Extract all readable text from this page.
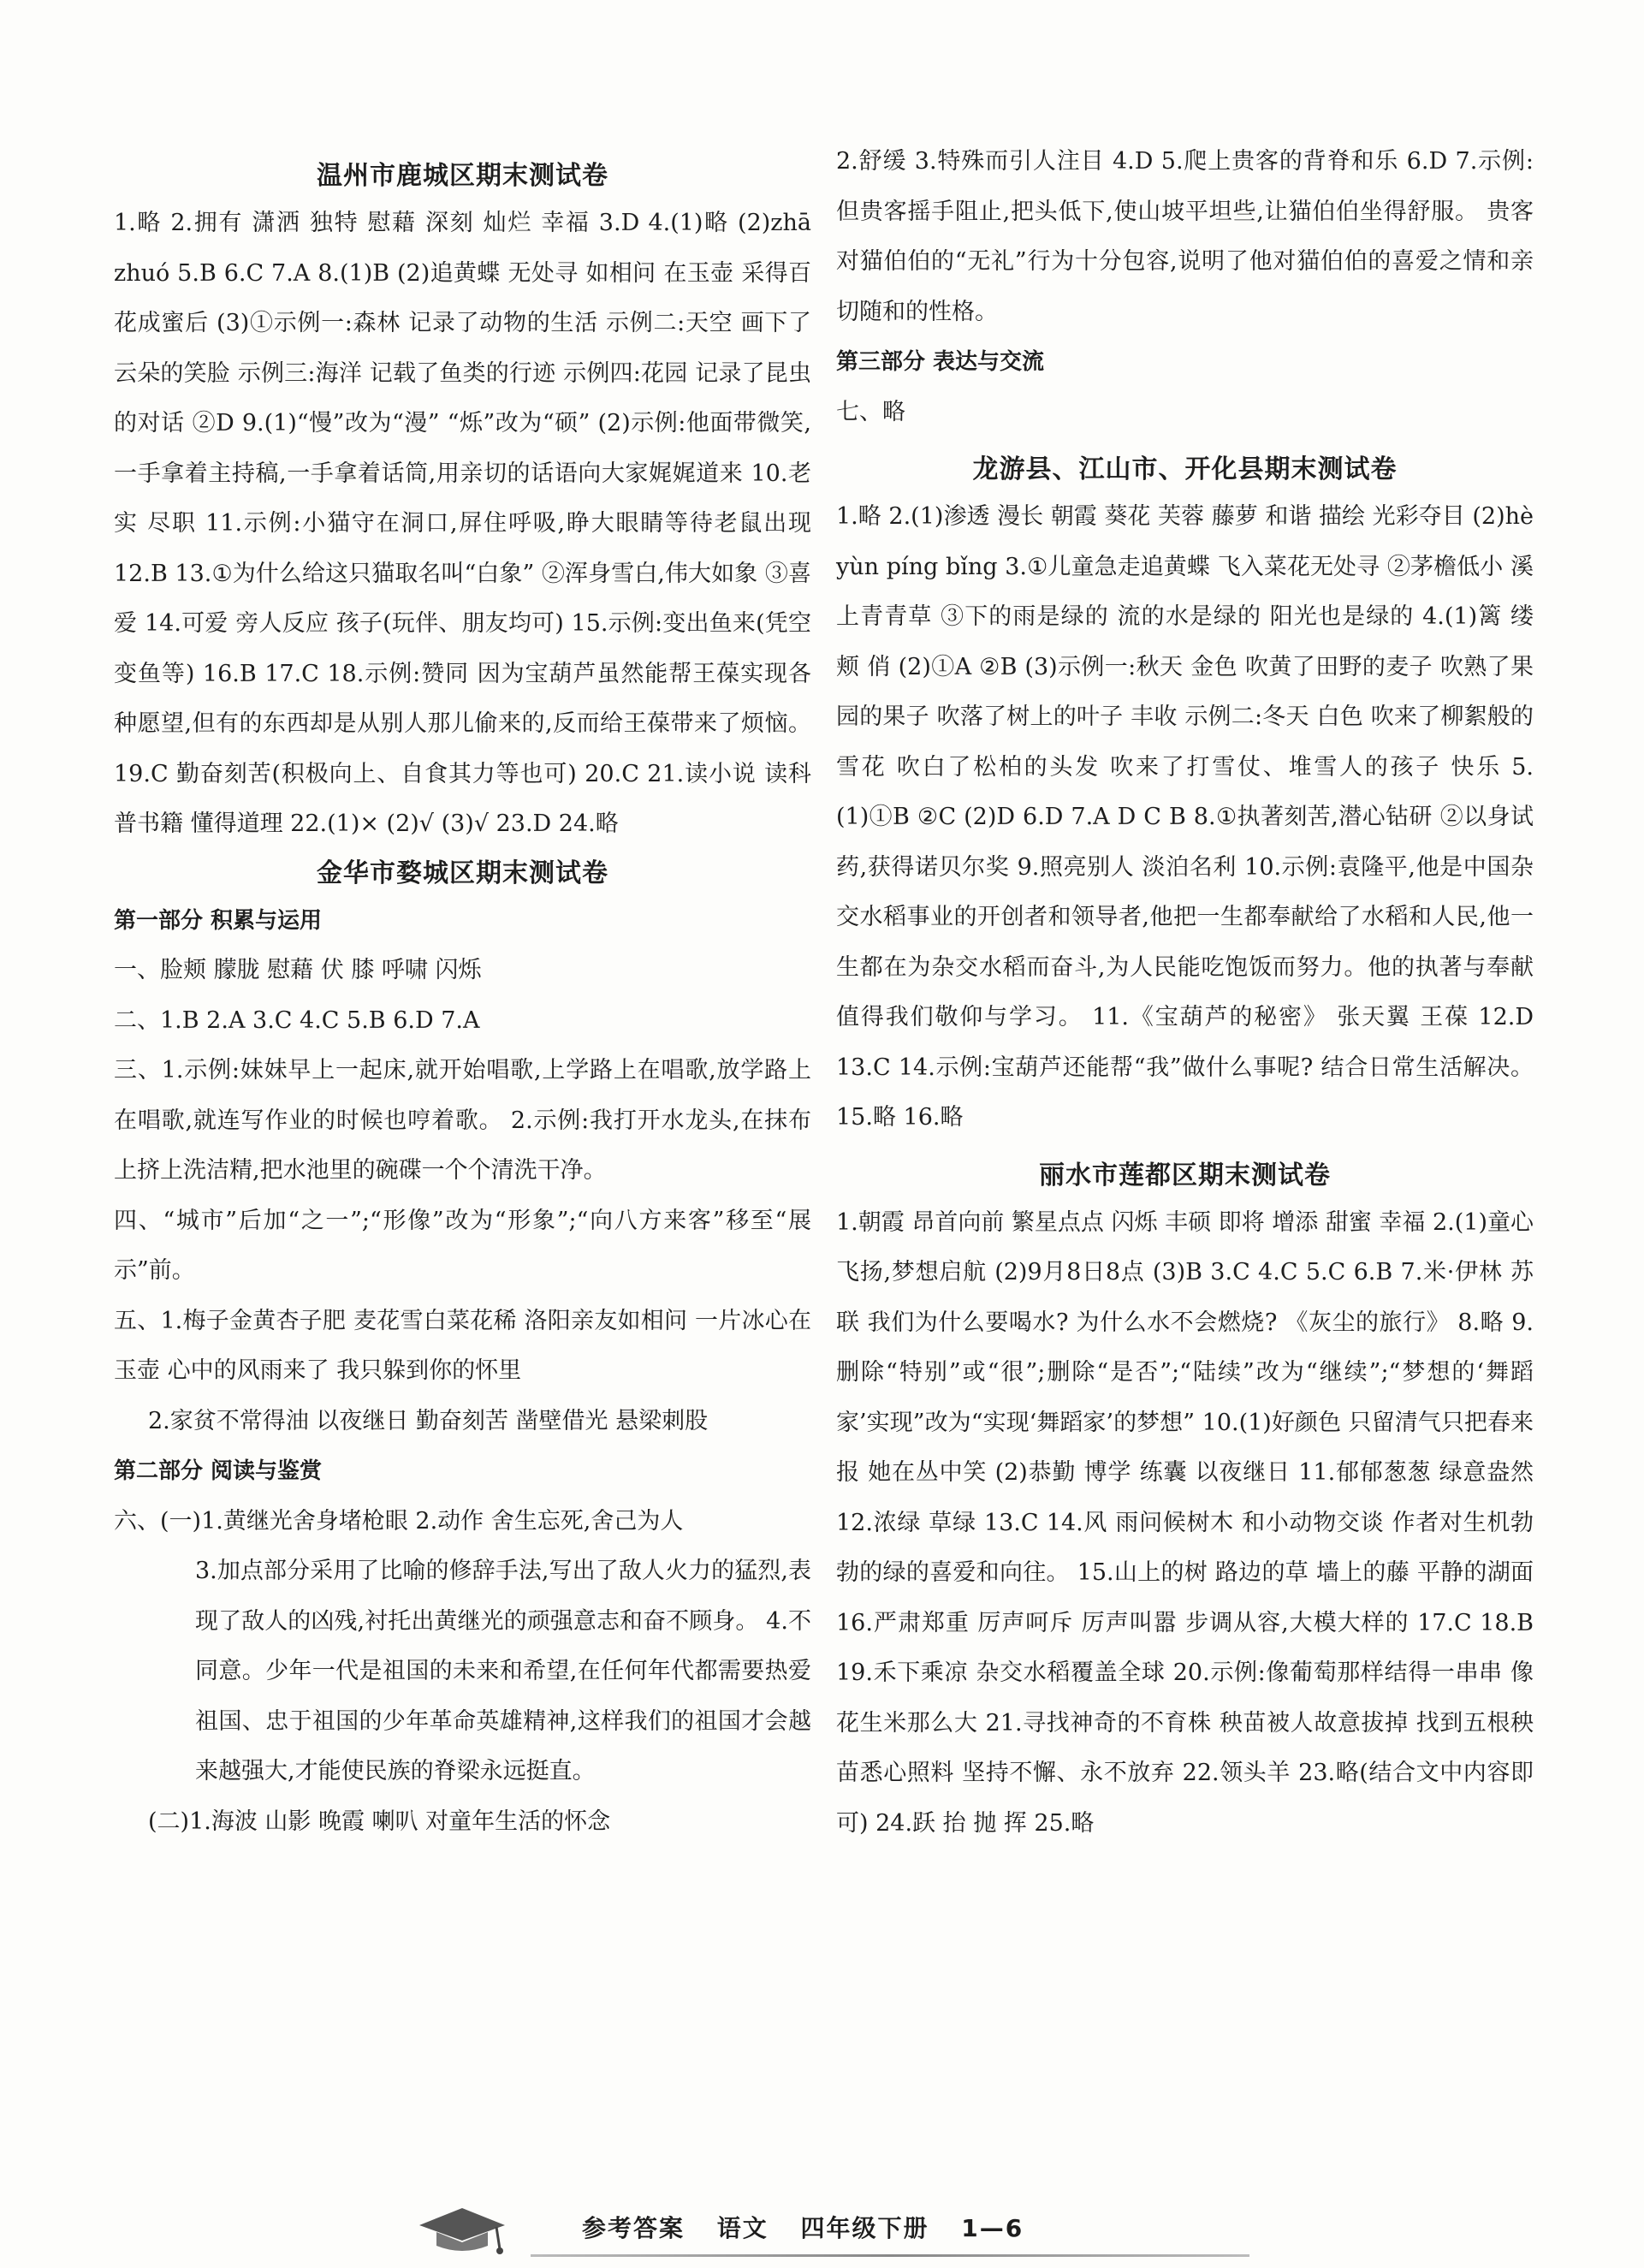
温州市鹿城区期末测试卷
1.略 2.拥有 潇洒 独特 慰藉 深刻 灿烂 幸福 3.D 4.(1)略 (2)zhā zhuó 5.B 6.C 7.A 8.(1)B (2)追黄蝶 无处寻 如相问 在玉壶 采得百花成蜜后 (3)①示例一:森林 记录了动物的生活 示例二:天空 画下了云朵的笑脸 示例三:海洋 记载了鱼类的行迹 示例四:花园 记录了昆虫的对话 ②D 9.(1)“慢”改为“漫” “烁”改为“硕” (2)示例:他面带微笑,一手拿着主持稿,一手拿着话筒,用亲切的话语向大家娓娓道来 10.老实 尽职 11.示例:小猫守在洞口,屏住呼吸,睁大眼睛等待老鼠出现 12.B 13.①为什么给这只猫取名叫“白象” ②浑身雪白,伟大如象 ③喜爱 14.可爱 旁人反应 孩子(玩伴、朋友均可) 15.示例:变出鱼来(凭空变鱼等) 16.B 17.C 18.示例:赞同 因为宝葫芦虽然能帮王葆实现各种愿望,但有的东西却是从别人那儿偷来的,反而给王葆带来了烦恼。 19.C 勤奋刻苦(积极向上、自食其力等也可) 20.C 21.读小说 读科普书籍 懂得道理 22.(1)× (2)√ (3)√ 23.D 24.略
金华市婺城区期末测试卷
第一部分 积累与运用
一、脸颊 朦胧 慰藉 伏 膝 呼啸 闪烁
二、1.B 2.A 3.C 4.C 5.B 6.D 7.A
三、1.示例:妹妹早上一起床,就开始唱歌,上学路上在唱歌,放学路上在唱歌,就连写作业的时候也哼着歌。 2.示例:我打开水龙头,在抹布上挤上洗洁精,把水池里的碗碟一个个清洗干净。
四、“城市”后加“之一”;“形像”改为“形象”;“向八方来客”移至“展示”前。
五、1.梅子金黄杏子肥 麦花雪白菜花稀 洛阳亲友如相问 一片冰心在玉壶 心中的风雨来了 我只躲到你的怀里
2.家贫不常得油 以夜继日 勤奋刻苦 凿壁借光 悬梁刺股
第二部分 阅读与鉴赏
六、(一)1.黄继光舍身堵枪眼 2.动作 舍生忘死,舍己为人
3.加点部分采用了比喻的修辞手法,写出了敌人火力的猛烈,表现了敌人的凶残,衬托出黄继光的顽强意志和奋不顾身。 4.不同意。少年一代是祖国的未来和希望,在任何年代都需要热爱祖国、忠于祖国的少年革命英雄精神,这样我们的祖国才会越来越强大,才能使民族的脊梁永远挺直。
(二)1.海波 山影 晚霞 喇叭 对童年生活的怀念
2.舒缓 3.特殊而引人注目 4.D 5.爬上贵客的背脊和乐 6.D 7.示例:但贵客摇手阻止,把头低下,使山坡平坦些,让猫伯伯坐得舒服。 贵客对猫伯伯的“无礼”行为十分包容,说明了他对猫伯伯的喜爱之情和亲切随和的性格。
第三部分 表达与交流
七、略
龙游县、江山市、开化县期末测试卷
1.略 2.(1)渗透 漫长 朝霞 葵花 芙蓉 藤萝 和谐 描绘 光彩夺目 (2)hè yùn píng bǐng 3.①儿童急走追黄蝶 飞入菜花无处寻 ②茅檐低小 溪上青青草 ③下的雨是绿的 流的水是绿的 阳光也是绿的 4.(1)篱 缕 颊 俏 (2)①A ②B (3)示例一:秋天 金色 吹黄了田野的麦子 吹熟了果园的果子 吹落了树上的叶子 丰收 示例二:冬天 白色 吹来了柳絮般的雪花 吹白了松柏的头发 吹来了打雪仗、堆雪人的孩子 快乐 5.(1)①B ②C (2)D 6.D 7.A D C B 8.①执著刻苦,潜心钻研 ②以身试药,获得诺贝尔奖 9.照亮别人 淡泊名利 10.示例:袁隆平,他是中国杂交水稻事业的开创者和领导者,他把一生都奉献给了水稻和人民,他一生都在为杂交水稻而奋斗,为人民能吃饱饭而努力。他的执著与奉献值得我们敬仰与学习。 11.《宝葫芦的秘密》 张天翼 王葆 12.D 13.C 14.示例:宝葫芦还能帮“我”做什么事呢? 结合日常生活解决。 15.略 16.略
丽水市莲都区期末测试卷
1.朝霞 昂首向前 繁星点点 闪烁 丰硕 即将 增添 甜蜜 幸福 2.(1)童心飞扬,梦想启航 (2)9月8日8点 (3)B 3.C 4.C 5.C 6.B 7.米·伊林 苏联 我们为什么要喝水? 为什么水不会燃烧? 《灰尘的旅行》 8.略 9.删除“特别”或“很”;删除“是否”;“陆续”改为“继续”;“梦想的‘舞蹈家’实现”改为“实现‘舞蹈家’的梦想” 10.(1)好颜色 只留清气只把春来报 她在丛中笑 (2)恭勤 博学 练囊 以夜继日 11.郁郁葱葱 绿意盎然 12.浓绿 草绿 13.C 14.风 雨问候树木 和小动物交谈 作者对生机勃勃的绿的喜爱和向往。 15.山上的树 路边的草 墙上的藤 平静的湖面 16.严肃郑重 厉声呵斥 厉声叫嚣 步调从容,大模大样的 17.C 18.B 19.禾下乘凉 杂交水稻覆盖全球 20.示例:像葡萄那样结得一串串 像花生米那么大 21.寻找神奇的不育株 秧苗被人故意拔掉 找到五根秧苗悉心照料 坚持不懈、永不放弃 22.领头羊 23.略(结合文中内容即可) 24.跃 抬 抛 挥 25.略
参考答案 语文 四年级下册 1—6
